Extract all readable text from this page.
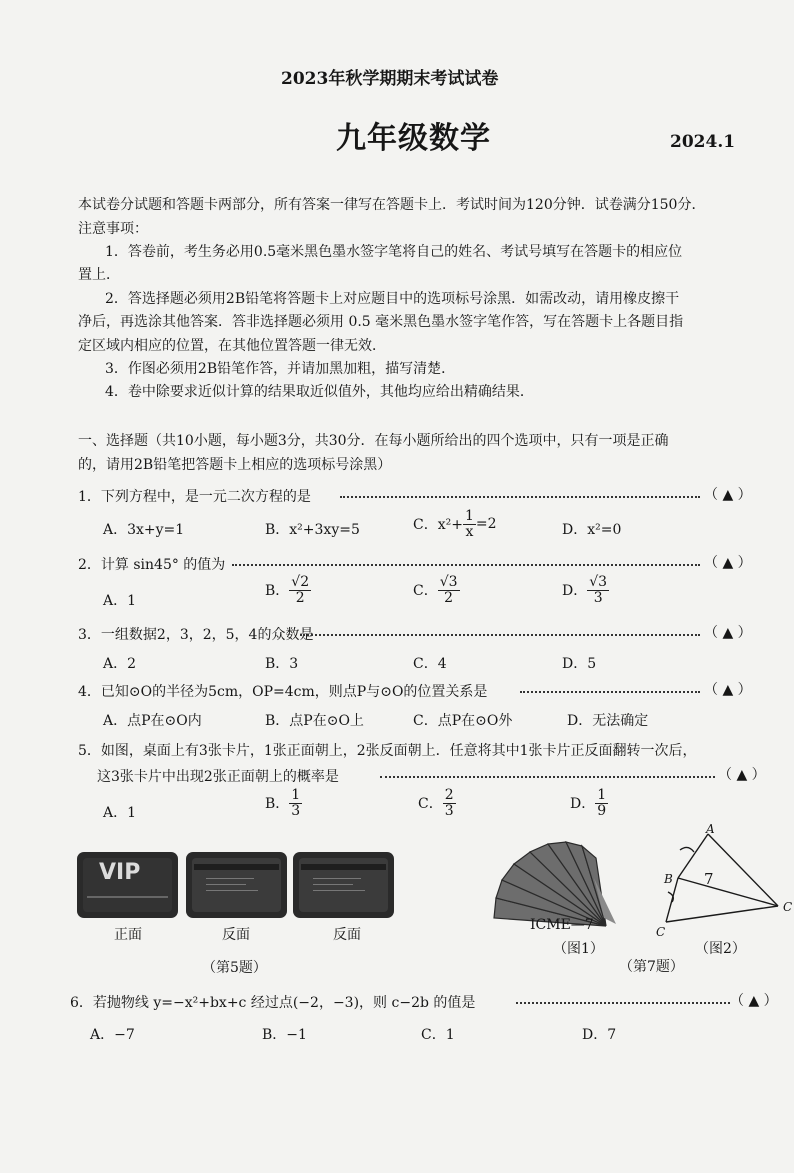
2023年秋学期期末考试试卷
九年级数学	2024.1
本试卷分试题和答题卡两部分，所有答案一律写在答题卡上．考试时间为120分钟．试卷满分150分．
注意事项：
1．答卷前，考生务必用0.5毫米黑色墨水签字笔将自己的姓名、考试号填写在答题卡的相应位
置上．
2．答选择题必须用2B铅笔将答题卡上对应题目中的选项标号涂黑．如需改动，请用橡皮擦干
净后，再选涂其他答案．答非选择题必须用 0.5 毫米黑色墨水签字笔作答，写在答题卡上各题目指
定区域内相应的位置，在其他位置答题一律无效．
3．作图必须用2B铅笔作答，并请加黑加粗，描写清楚．
4．卷中除要求近似计算的结果取近似值外，其他均应给出精确结果．
一、选择题（共10小题，每小题3分，共30分．在每小题所给出的四个选项中，只有一项是正确
的，请用2B铅笔把答题卡上相应的选项标号涂黑）
1．下列方程中，是一元二次方程的是	（ ▲ ）
A．3x+y=1	B．x²+3xy=5	C．$x^2+ \frac{1}{x} =2$	D．x²=0
2．计算 sin45° 的值为	（ ▲ ）
A．1
B． $\frac{√2}{2}$	C． $\frac{√3}{2}$	D． $\frac{√3}{3}$
3．一组数据2，3，2，5，4的众数是	（ ▲ ）
A．2	B．3	C．4	D．5
4．已知⊙O的半径为5cm，OP=4cm，则点P与⊙O的位置关系是	（ ▲ ）
A．点P在⊙O内	B．点P在⊙O上	C．点P在⊙O外	D．无法确定
5．如图，桌面上有3张卡片，1张正面朝上，2张反面朝上．任意将其中1张卡片正反面翻转一次后，
这3张卡片中出现2张正面朝上的概率是	（ ▲ ）
A．1
B． $\frac{1}{3}$	C． $\frac{2}{3}$	D． $\frac{1}{9}$
VIP
正面	反面	反面
（第5题）
ICME—7
（图1）
A
B
C
C
7
（图2）
（第7题）
6．若抛物线 y=−x²+bx+c 经过点(−2，−3)，则 c−2b 的值是	（ ▲ ）
A．−7	B．−1	C．1	D．7
